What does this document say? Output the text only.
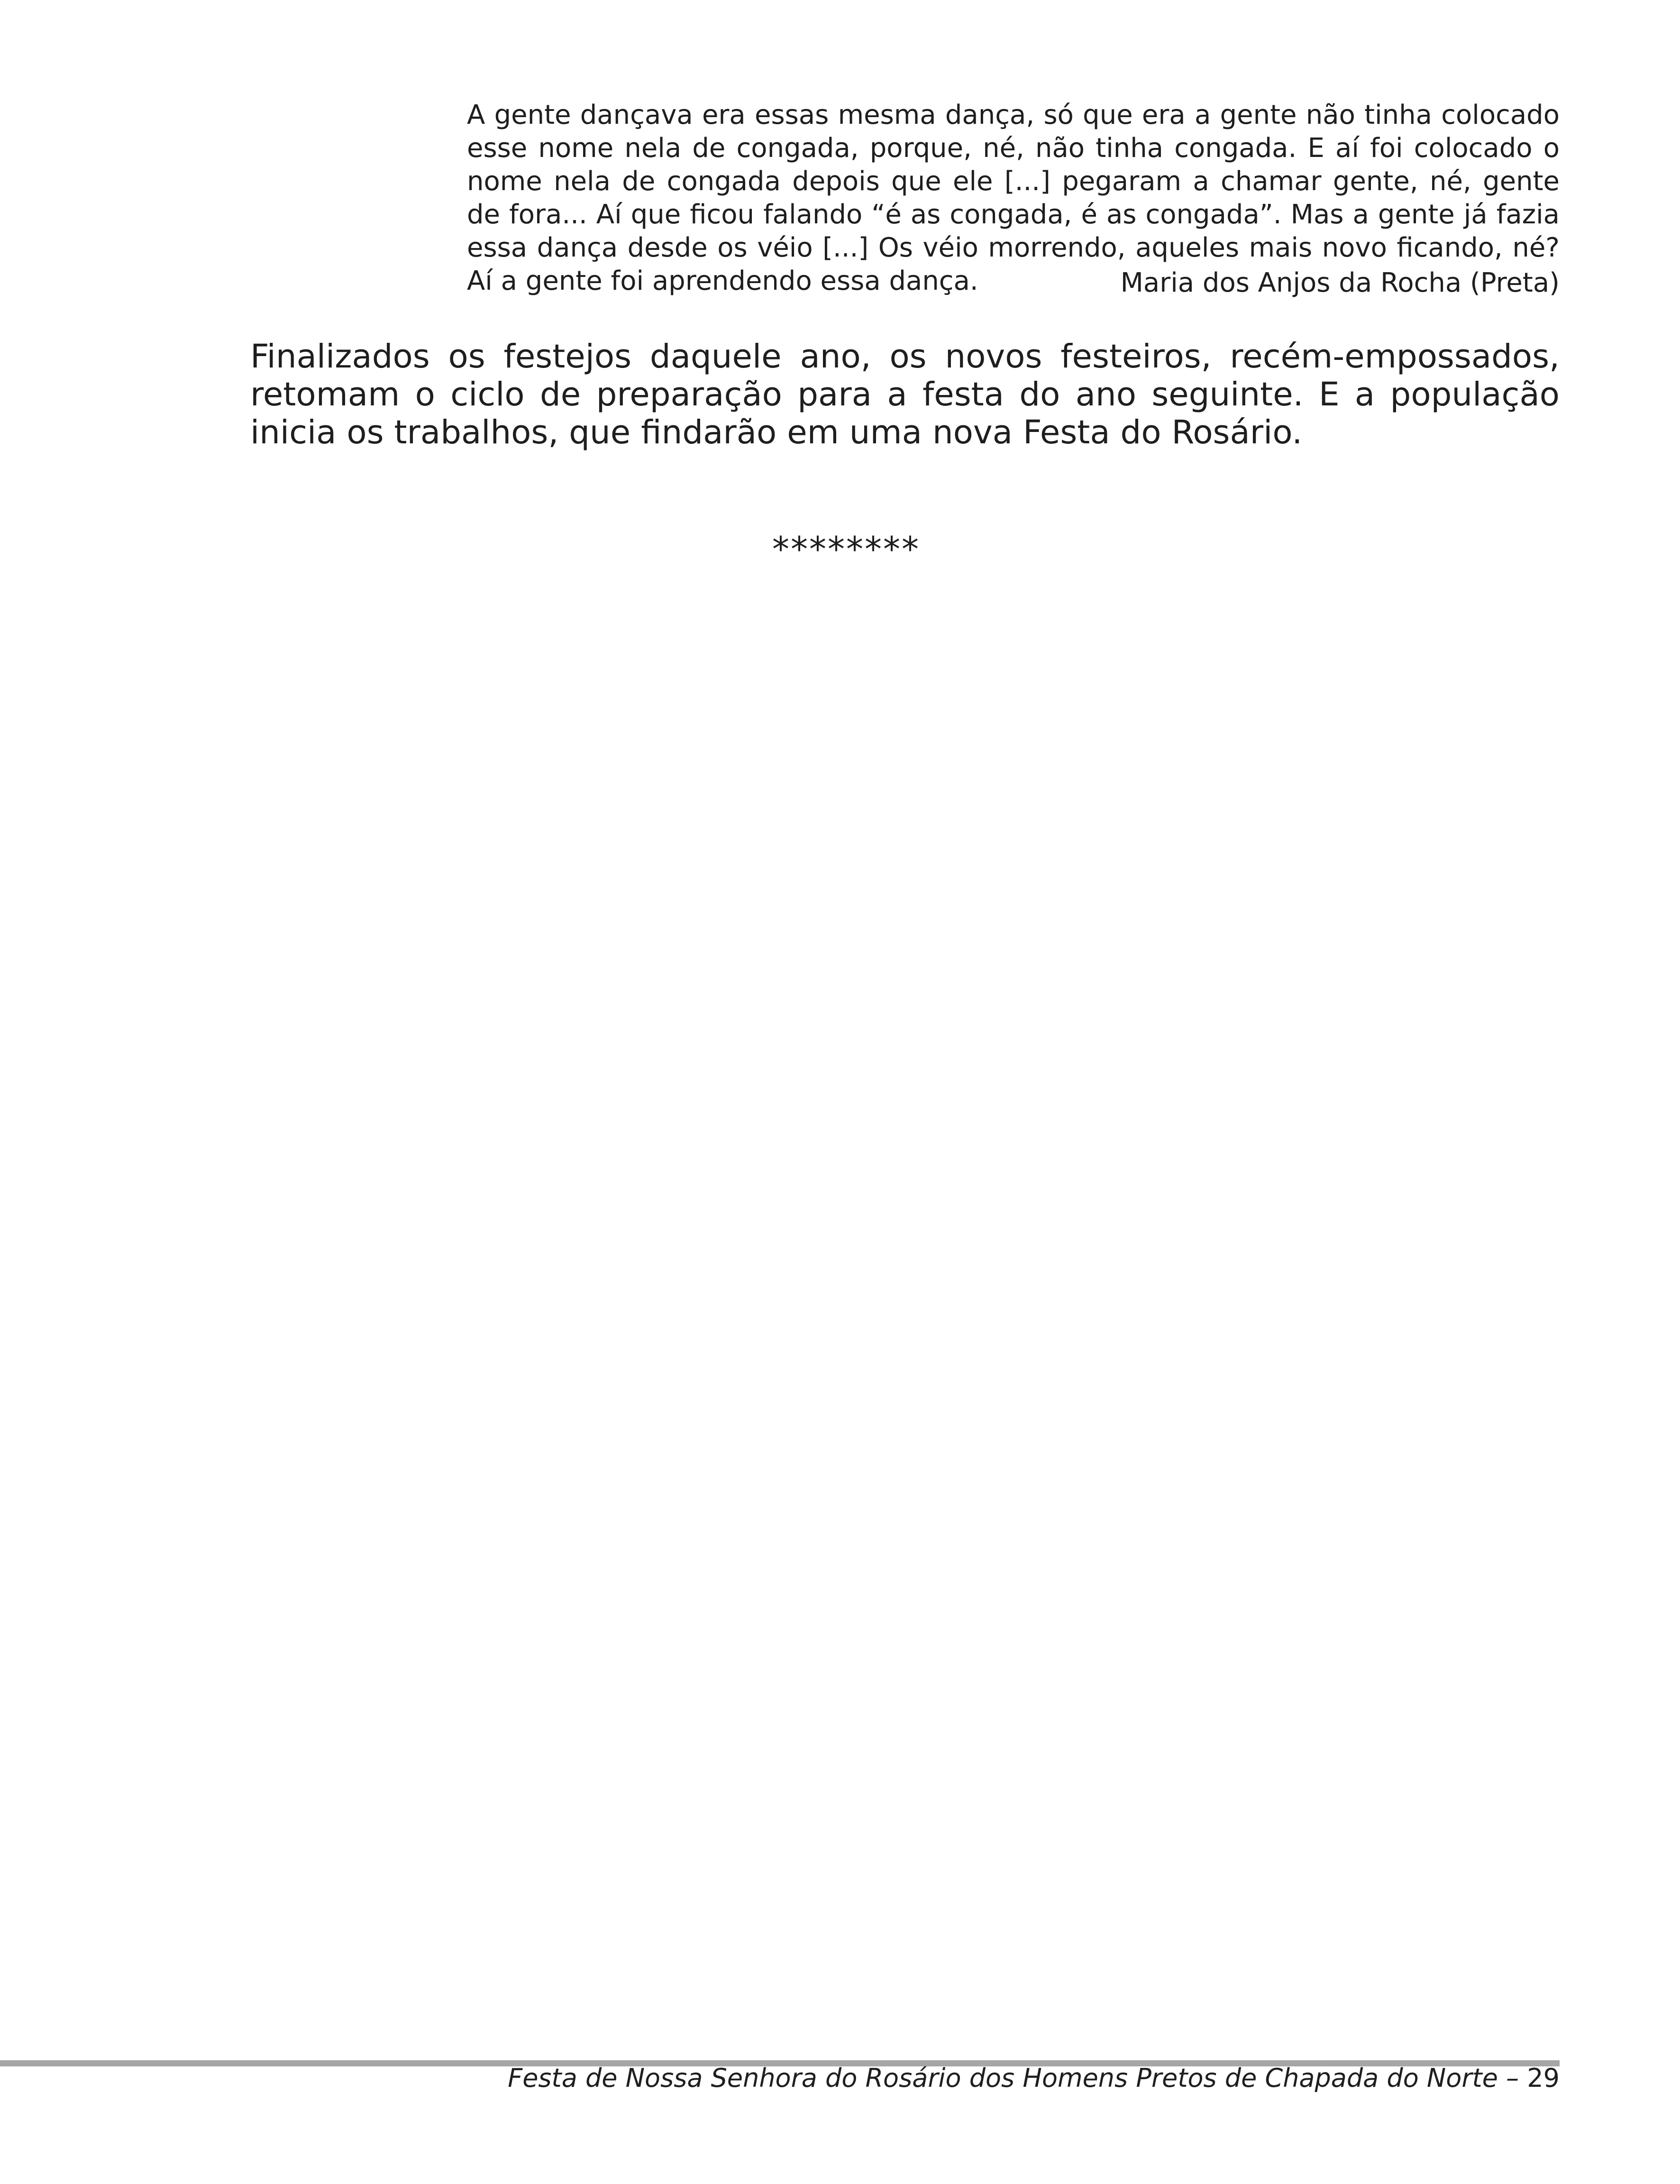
A gente dançava era essas mesma dança, só que era a gente não tinha colocado esse nome nela de congada, porque, né, não tinha congada. E aí foi colocado o nome nela de congada depois que ele [...] pegaram a chamar gente, né, gente de fora... Aí que ficou falando “é as congada, é as congada”. Mas a gente já fazia essa dança desde os véio [...] Os véio morrendo, aqueles mais novo ficando, né? Aí a gente foi aprendendo essa dança.	Maria dos Anjos da Rocha (Preta)

Finalizados os festejos daquele ano, os novos festeiros, recém-empossados, retomam o ciclo de preparação para a festa do ano seguinte. E a população inicia os trabalhos, que findarão em uma nova Festa do Rosário.

********

Festa de Nossa Senhora do Rosário dos Homens Pretos de Chapada do Norte – 29
